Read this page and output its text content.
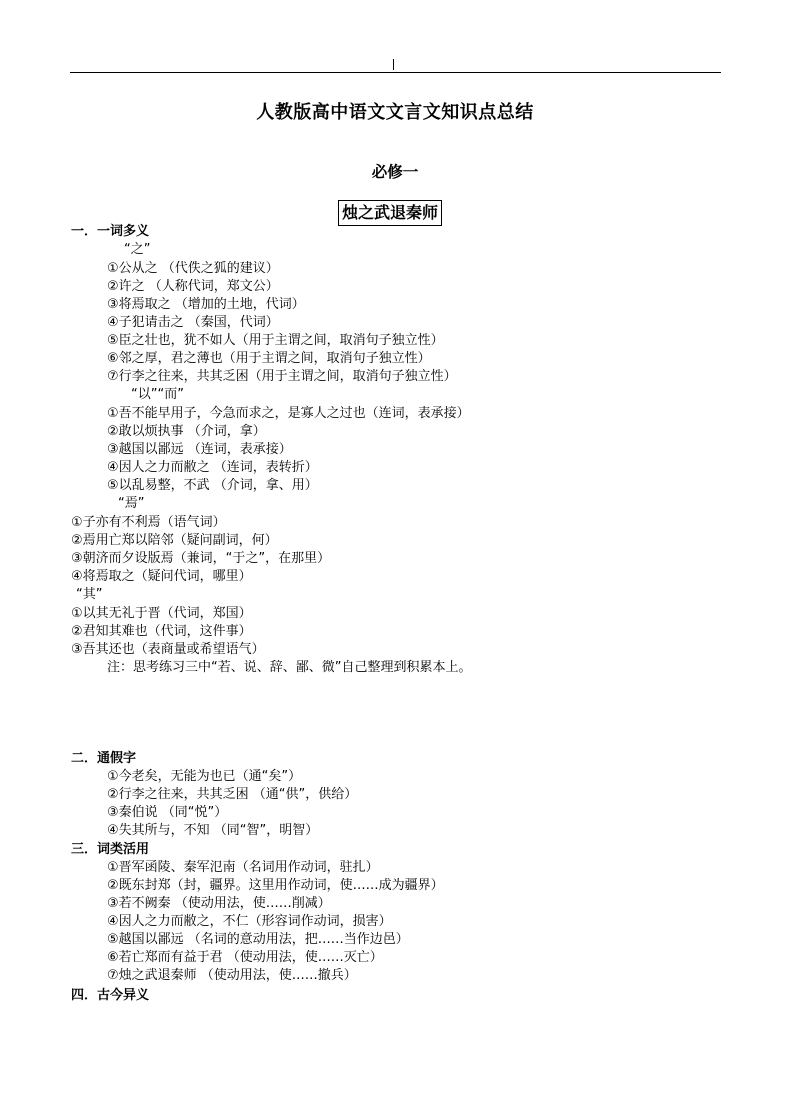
人教版高中语文文言文知识点总结
必修一
烛之武退秦师
一．一词多义
“之”
①公从之 （代佚之狐的建议）
②许之 （人称代词，郑文公）
③将焉取之 （增加的土地，代词）
④子犯请击之 （秦国，代词）
⑤臣之壮也，犹不如人（用于主谓之间，取消句子独立性）
⑥邻之厚，君之薄也（用于主谓之间，取消句子独立性）
⑦行李之往来，共其乏困（用于主谓之间，取消句子独立性）
“以”“而”
①吾不能早用子，今急而求之，是寡人之过也（连词，表承接）
②敢以烦执事 （介词，拿）
③越国以鄙远 （连词，表承接）
④因人之力而敝之 （连词，表转折）
⑤以乱易整，不武 （介词，拿、用）
“焉”
①子亦有不利焉（语气词）
②焉用亡郑以陪邻（疑问副词，何）
③朝济而夕设版焉（兼词，“于之”，在那里）
④将焉取之（疑问代词，哪里）
“其”
①以其无礼于晋（代词，郑国）
②君知其难也（代词，这件事）
③吾其还也（表商量或希望语气）
注：思考练习三中“若、说、辞、鄙、微”自己整理到积累本上。
二．通假字
①今老矣，无能为也已（通“矣”）
②行李之往来，共其乏困 （通“供”，供给）
③秦伯说 （同“悦”）
④失其所与，不知 （同“智”，明智）
三．词类活用
①晋军函陵、秦军氾南（名词用作动词，驻扎）
②既东封郑（封，疆界。这里用作动词，使……成为疆界）
③若不阙秦 （使动用法，使……削减）
④因人之力而敝之，不仁（形容词作动词，损害）
⑤越国以鄙远 （名词的意动用法，把……当作边邑）
⑥若亡郑而有益于君 （使动用法，使……灭亡）
⑦烛之武退秦师 （使动用法，使……撤兵）
四．古今异义
